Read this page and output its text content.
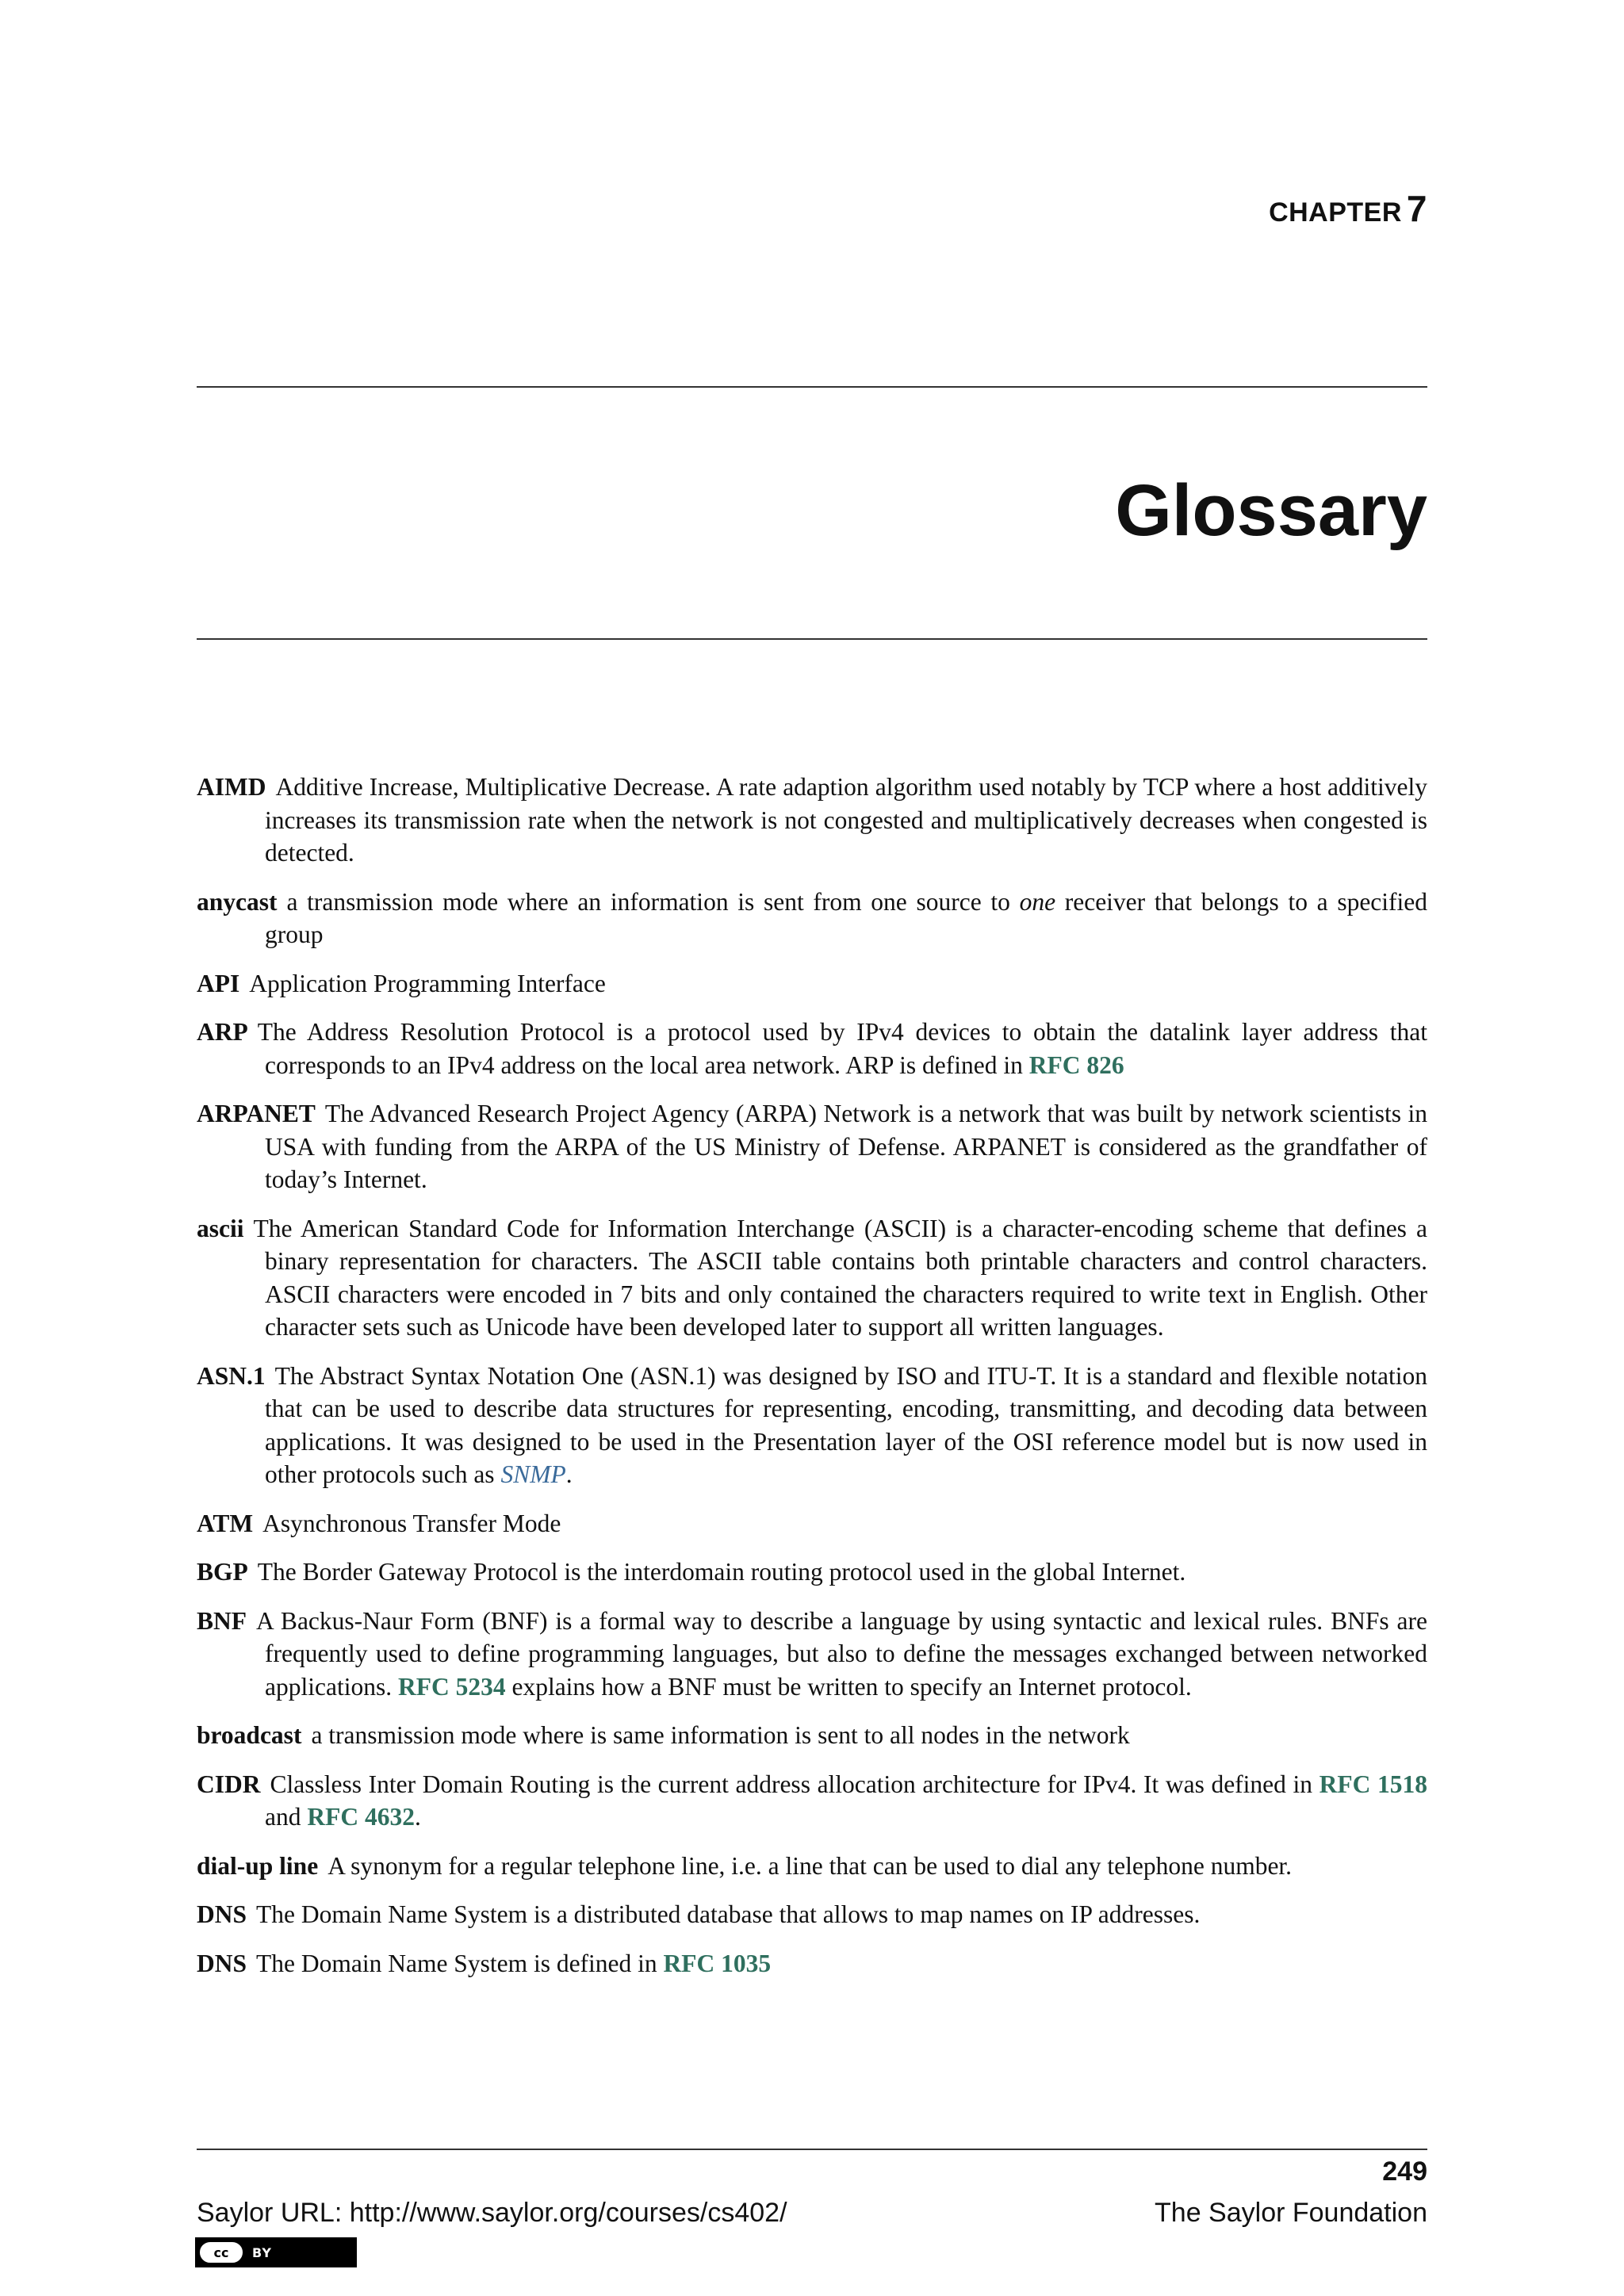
CHAPTER 7
Glossary

AIMD Additive Increase, Multiplicative Decrease. A rate adaption algorithm used notably by TCP where a host additively increases its transmission rate when the network is not congested and multiplicatively decreases when congested is detected.

anycast a transmission mode where an information is sent from one source to one receiver that belongs to a specified group

API Application Programming Interface

ARP The Address Resolution Protocol is a protocol used by IPv4 devices to obtain the datalink layer address that corresponds to an IPv4 address on the local area network. ARP is defined in RFC 826

ARPANET The Advanced Research Project Agency (ARPA) Network is a network that was built by network scientists in USA with funding from the ARPA of the US Ministry of Defense. ARPANET is considered as the grandfather of today’s Internet.

ascii The American Standard Code for Information Interchange (ASCII) is a character-encoding scheme that defines a binary representation for characters. The ASCII table contains both printable characters and control characters. ASCII characters were encoded in 7 bits and only contained the characters required to write text in English. Other character sets such as Unicode have been developed later to support all written languages.

ASN.1 The Abstract Syntax Notation One (ASN.1) was designed by ISO and ITU-T. It is a standard and flexible notation that can be used to describe data structures for representing, encoding, transmitting, and decoding data between applications. It was designed to be used in the Presentation layer of the OSI reference model but is now used in other protocols such as SNMP.

ATM Asynchronous Transfer Mode

BGP The Border Gateway Protocol is the interdomain routing protocol used in the global Internet.

BNF A Backus-Naur Form (BNF) is a formal way to describe a language by using syntactic and lexical rules. BNFs are frequently used to define programming languages, but also to define the messages exchanged between networked applications. RFC 5234 explains how a BNF must be written to specify an Internet protocol.

broadcast a transmission mode where is same information is sent to all nodes in the network

CIDR Classless Inter Domain Routing is the current address allocation architecture for IPv4. It was defined in RFC 1518 and RFC 4632.

dial-up line A synonym for a regular telephone line, i.e. a line that can be used to dial any telephone number.

DNS The Domain Name System is a distributed database that allows to map names on IP addresses.

DNS The Domain Name System is defined in RFC 1035

249
Saylor URL: http://www.saylor.org/courses/cs402/	The Saylor Foundation
cc	BY
